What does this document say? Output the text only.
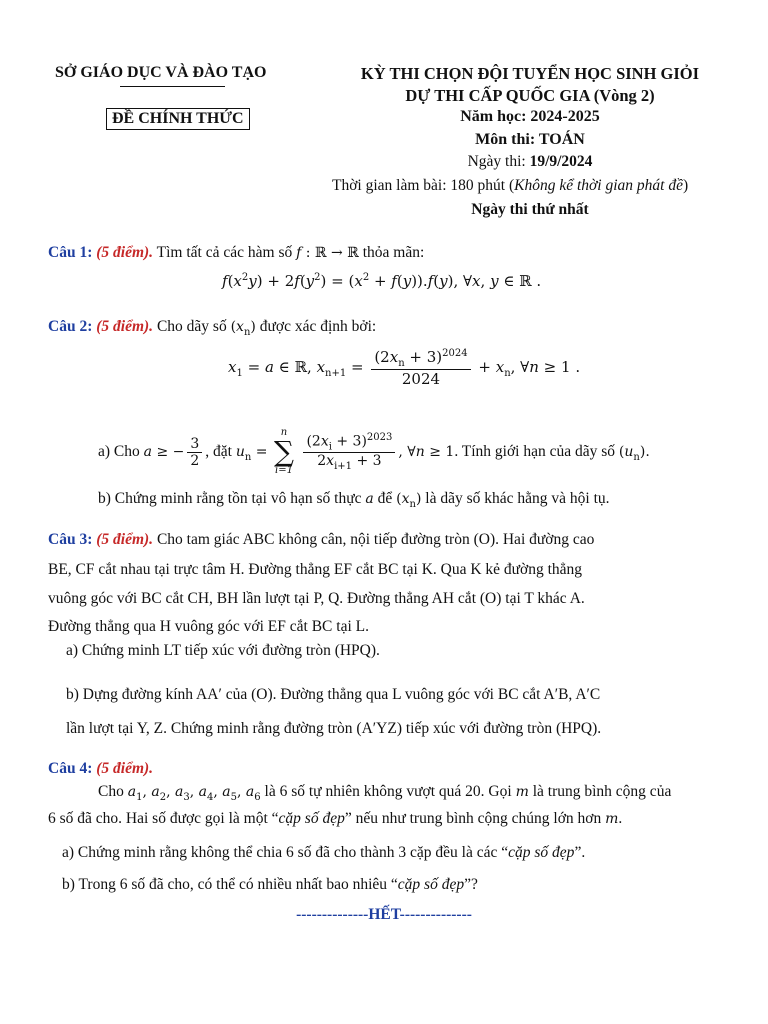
SỞ GIÁO DỤC VÀ ĐÀO TẠO
ĐỀ CHÍNH THỨC
KỲ THI CHỌN ĐỘI TUYỂN HỌC SINH GIỎI
DỰ THI CẤP QUỐC GIA (Vòng 2)
Năm học: 2024-2025
Môn thi: TOÁN
Ngày thi: 19/9/2024
Thời gian làm bài: 180 phút (Không kể thời gian phát đề)
Ngày thi thứ nhất
Câu 1: (5 điểm). Tìm tất cả các hàm số f : ℝ → ℝ thỏa mãn:
$f(x^2y) + 2f(y^2) = (x^2 + f(y)).f(y)$, ∀x, y ∈ ℝ .
Câu 2: (5 điểm). Cho dãy số $(x_n)$ được xác định bởi:
$x_1 = a$ ∈ ℝ, $x_{n+1} = \frac{(2x_n + 3)^{2024}}{2024} + x_n$, ∀n ≥ 1 .
a) Cho a ≥ − $\frac{3}{2}$ , đặt $u_n$ =
n
∑
i=1
$\frac{(2x_i + 3)^{2023}}{2x_{i+1} + 3}$ , ∀n ≥ 1. Tính giới hạn của dãy số $(u_n)$.
b) Chứng minh rằng tồn tại vô hạn số thực a để $(x_n)$ là dãy số khác hằng và hội tụ.
Câu 3: (5 điểm). Cho tam giác ABC không cân, nội tiếp đường tròn (O). Hai đường cao
BE, CF cắt nhau tại trực tâm H. Đường thẳng EF cắt BC tại K. Qua K kẻ đường thẳng
vuông góc với BC cắt CH, BH lần lượt tại P, Q. Đường thẳng AH cắt (O) tại T khác A.
Đường thẳng qua H vuông góc với EF cắt BC tại L.
a) Chứng minh LT tiếp xúc với đường tròn (HPQ).
b) Dựng đường kính AA′ của (O). Đường thẳng qua L vuông góc với BC cắt A′B, A′C
lần lượt tại Y, Z. Chứng minh rằng đường tròn (A′YZ) tiếp xúc với đường tròn (HPQ).
Câu 4: (5 điểm).
Cho $a_1$, $a_2$, $a_3$, $a_4$, $a_5$, $a_6$ là 6 số tự nhiên không vượt quá 20. Gọi m là trung bình cộng của
6 số đã cho. Hai số được gọi là một “cặp số đẹp” nếu như trung bình cộng chúng lớn hơn m.
a) Chứng minh rằng không thể chia 6 số đã cho thành 3 cặp đều là các “cặp số đẹp”.
b) Trong 6 số đã cho, có thể có nhiều nhất bao nhiêu “cặp số đẹp”?
--------------HẾT--------------
